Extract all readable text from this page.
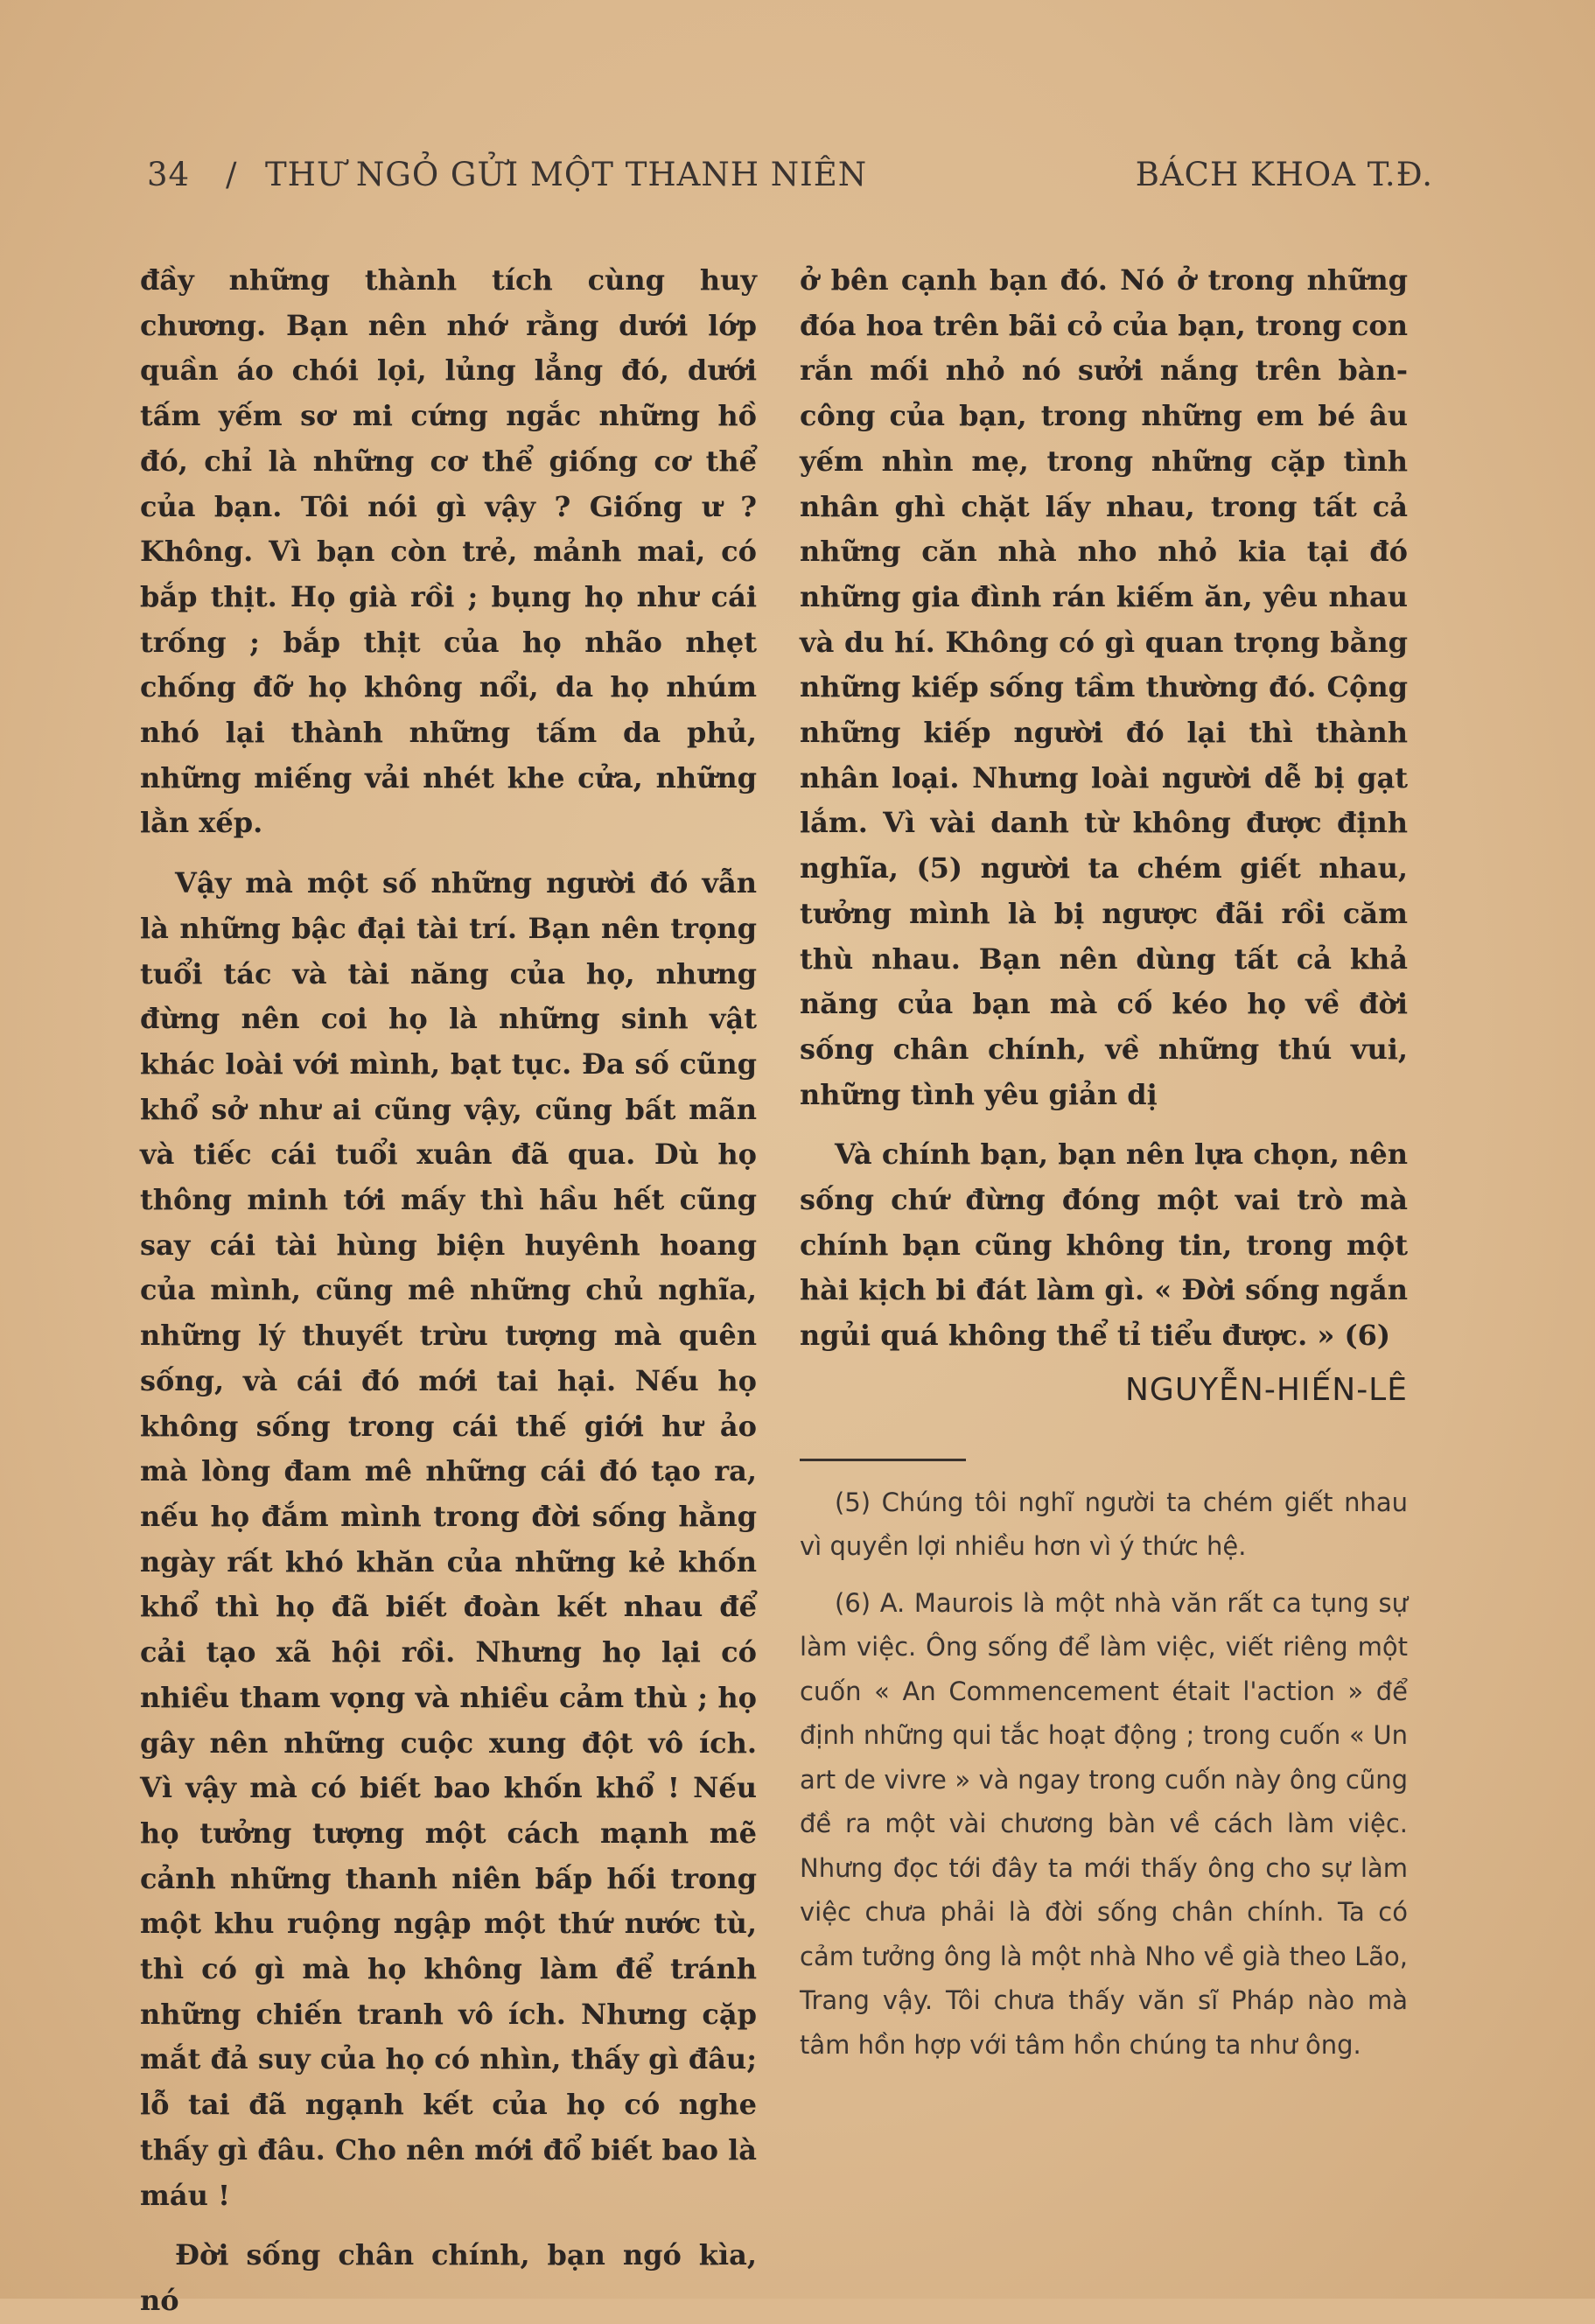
34 / THƯ NGỎ GỬI MỘT THANH NIÊN	BÁCH KHOA T.Đ.

đầy những thành tích cùng huy chương. Bạn nên nhớ rằng dưới lớp quần áo chói lọi, lủng lẳng đó, dưới tấm yếm sơ mi cứng ngắc những hồ đó, chỉ là những cơ thể giống cơ thể của bạn. Tôi nói gì vậy ? Giống ư ? Không. Vì bạn còn trẻ, mảnh mai, có bắp thịt. Họ già rồi ; bụng họ như cái trống ; bắp thịt của họ nhão nhẹt chống đỡ họ không nổi, da họ nhúm nhó lại thành những tấm da phủ, những miếng vải nhét khe cửa, những lằn xếp.

Vậy mà một số những người đó vẫn là những bậc đại tài trí. Bạn nên trọng tuổi tác và tài năng của họ, nhưng đừng nên coi họ là những sinh vật khác loài với mình, bạt tục. Đa số cũng khổ sở như ai cũng vậy, cũng bất mãn và tiếc cái tuổi xuân đã qua. Dù họ thông minh tới mấy thì hầu hết cũng say cái tài hùng biện huyênh hoang của mình, cũng mê những chủ nghĩa, những lý thuyết trừu tượng mà quên sống, và cái đó mới tai hại. Nếu họ không sống trong cái thế giới hư ảo mà lòng đam mê những cái đó tạo ra, nếu họ đắm mình trong đời sống hằng ngày rất khó khăn của những kẻ khốn khổ thì họ đã biết đoàn kết nhau để cải tạo xã hội rồi. Nhưng họ lại có nhiều tham vọng và nhiều cảm thù ; họ gây nên những cuộc xung đột vô ích. Vì vậy mà có biết bao khốn khổ ! Nếu họ tưởng tượng một cách mạnh mẽ cảnh những thanh niên bấp hối trong một khu ruộng ngập một thứ nước tù, thì có gì mà họ không làm để tránh những chiến tranh vô ích. Nhưng cặp mắt đả suy của họ có nhìn, thấy gì đâu; lỗ tai đã ngạnh kết của họ có nghe thấy gì đâu. Cho nên mới đổ biết bao là máu !

Đời sống chân chính, bạn ngó kìa, nó

ở bên cạnh bạn đó. Nó ở trong những đóa hoa trên bãi cỏ của bạn, trong con rắn mối nhỏ nó sưởi nắng trên bàn-công của bạn, trong những em bé âu yếm nhìn mẹ, trong những cặp tình nhân ghì chặt lấy nhau, trong tất cả những căn nhà nho nhỏ kia tại đó những gia đình rán kiếm ăn, yêu nhau và du hí. Không có gì quan trọng bằng những kiếp sống tầm thường đó. Cộng những kiếp người đó lại thì thành nhân loại. Nhưng loài người dễ bị gạt lắm. Vì vài danh từ không được định nghĩa, (5) người ta chém giết nhau, tưởng mình là bị ngược đãi rồi căm thù nhau. Bạn nên dùng tất cả khả năng của bạn mà cố kéo họ về đời sống chân chính, về những thú vui, những tình yêu giản dị

Và chính bạn, bạn nên lựa chọn, nên sống chứ đừng đóng một vai trò mà chính bạn cũng không tin, trong một hài kịch bi đát làm gì. « Đời sống ngắn ngủi quá không thể tỉ tiểu được. » (6)

NGUYỄN-HIẾN-LÊ

(5) Chúng tôi nghĩ người ta chém giết nhau vì quyền lợi nhiều hơn vì ý thức hệ.

(6) A. Maurois là một nhà văn rất ca tụng sự làm việc. Ông sống để làm việc, viết riêng một cuốn « An Commencement était l'action » để định những qui tắc hoạt động ; trong cuốn « Un art de vivre » và ngay trong cuốn này ông cũng đề ra một vài chương bàn về cách làm việc. Nhưng đọc tới đây ta mới thấy ông cho sự làm việc chưa phải là đời sống chân chính. Ta có cảm tưởng ông là một nhà Nho về già theo Lão, Trang vậy. Tôi chưa thấy văn sĩ Pháp nào mà tâm hồn hợp với tâm hồn chúng ta như ông.
